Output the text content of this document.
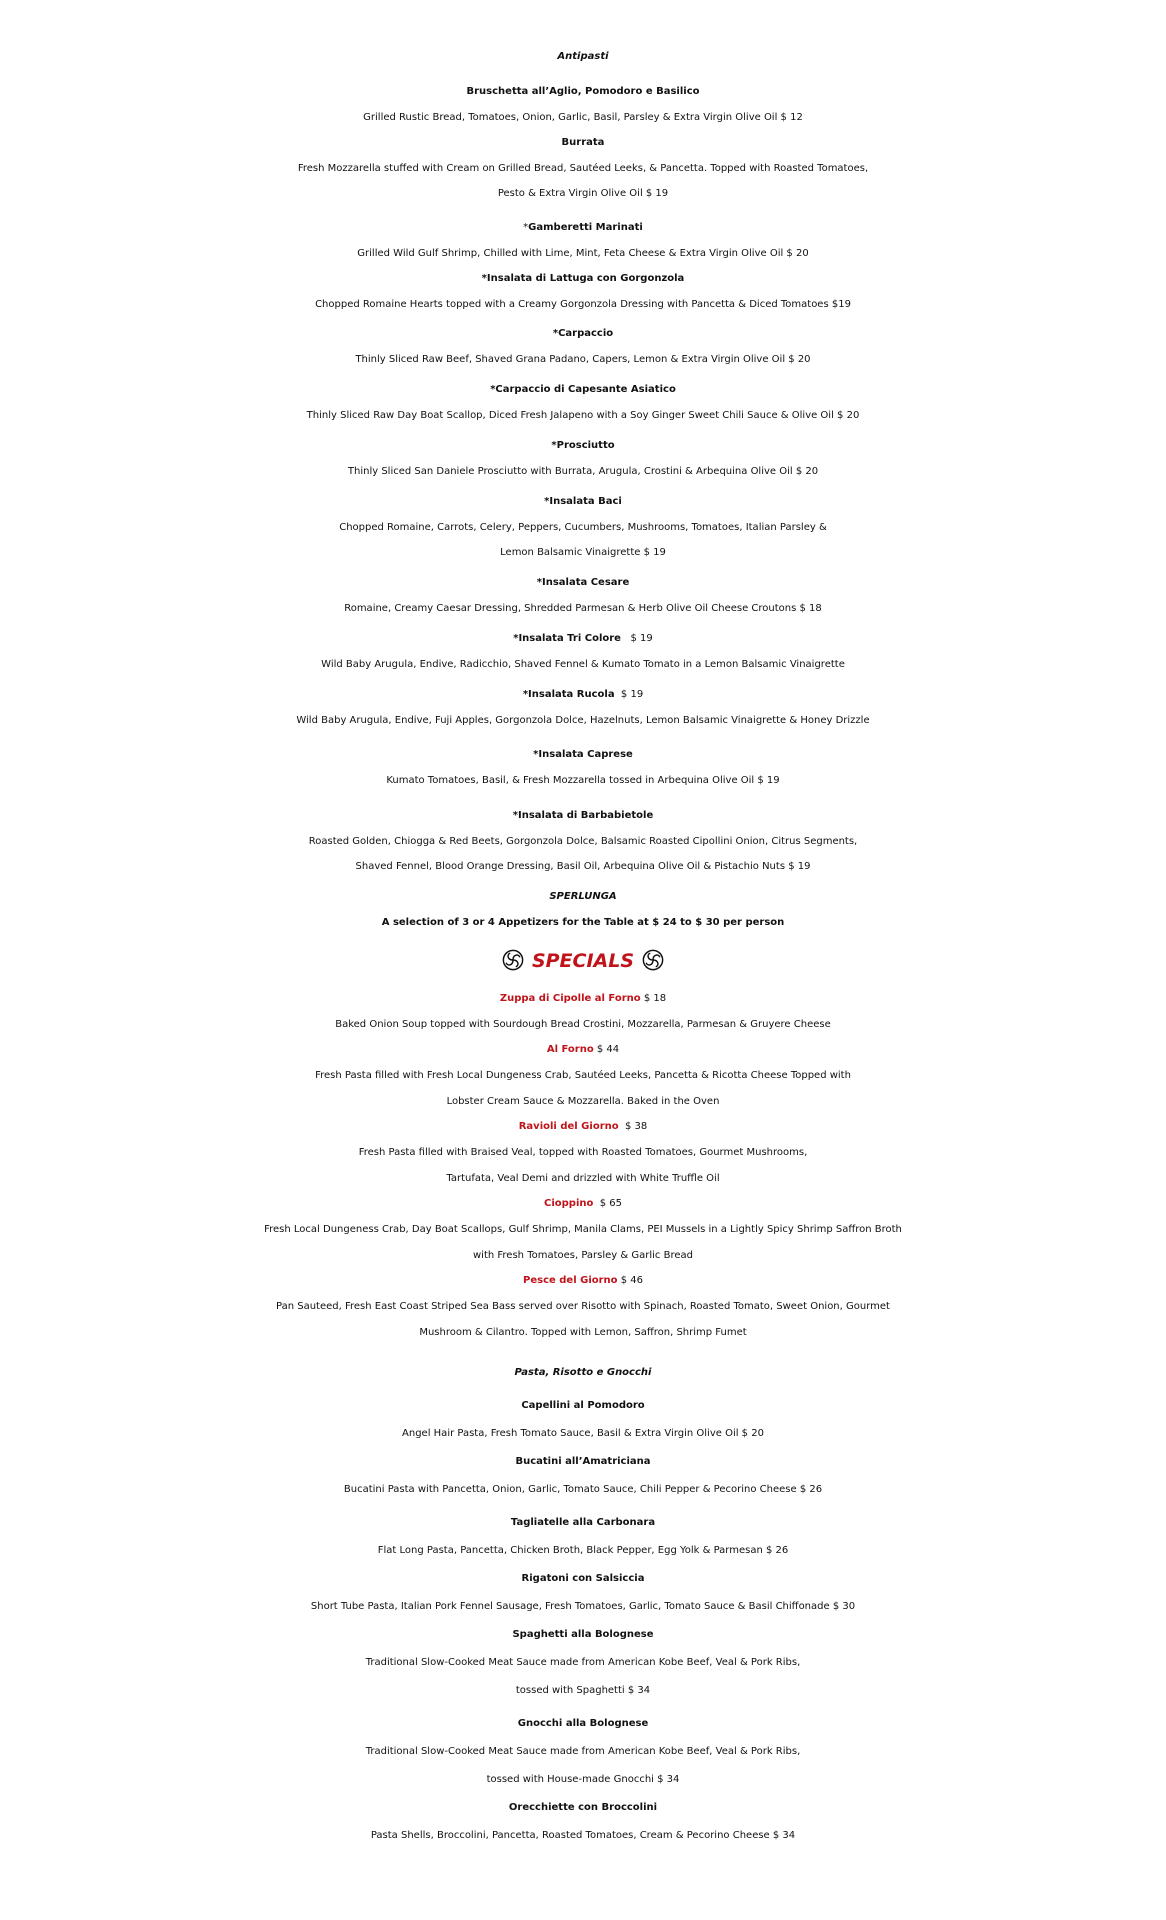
Antipasti
Bruschetta all’Aglio, Pomodoro e Basilico
Grilled Rustic Bread, Tomatoes, Onion, Garlic, Basil, Parsley & Extra Virgin Olive Oil $ 12
Burrata
Fresh Mozzarella stuffed with Cream on Grilled Bread, Sautéed Leeks, & Pancetta. Topped with Roasted Tomatoes,
Pesto & Extra Virgin Olive Oil $ 19
*Gamberetti Marinati
Grilled Wild Gulf Shrimp, Chilled with Lime, Mint, Feta Cheese & Extra Virgin Olive Oil $ 20
*Insalata di Lattuga con Gorgonzola
Chopped Romaine Hearts topped with a Creamy Gorgonzola Dressing with Pancetta & Diced Tomatoes $19
*Carpaccio
Thinly Sliced Raw Beef, Shaved Grana Padano, Capers, Lemon & Extra Virgin Olive Oil $ 20
*Carpaccio di Capesante Asiatico
Thinly Sliced Raw Day Boat Scallop, Diced Fresh Jalapeno with a Soy Ginger Sweet Chili Sauce & Olive Oil $ 20
*Prosciutto
Thinly Sliced San Daniele Prosciutto with Burrata, Arugula, Crostini & Arbequina Olive Oil $ 20
*Insalata Baci
Chopped Romaine, Carrots, Celery, Peppers, Cucumbers, Mushrooms, Tomatoes, Italian Parsley &
Lemon Balsamic Vinaigrette $ 19
*Insalata Cesare
Romaine, Creamy Caesar Dressing, Shredded Parmesan & Herb Olive Oil Cheese Croutons $ 18
*Insalata Tri Colore $ 19
Wild Baby Arugula, Endive, Radicchio, Shaved Fennel & Kumato Tomato in a Lemon Balsamic Vinaigrette
*Insalata Rucola $ 19
Wild Baby Arugula, Endive, Fuji Apples, Gorgonzola Dolce, Hazelnuts, Lemon Balsamic Vinaigrette & Honey Drizzle
*Insalata Caprese
Kumato Tomatoes, Basil, & Fresh Mozzarella tossed in Arbequina Olive Oil $ 19
*Insalata di Barbabietole
Roasted Golden, Chiogga & Red Beets, Gorgonzola Dolce, Balsamic Roasted Cipollini Onion, Citrus Segments,
Shaved Fennel, Blood Orange Dressing, Basil Oil, Arbequina Olive Oil & Pistachio Nuts $ 19
SPERLUNGA
A selection of 3 or 4 Appetizers for the Table at $ 24 to $ 30 per person
SPECIALS
Zuppa di Cipolle al Forno $ 18
Baked Onion Soup topped with Sourdough Bread Crostini, Mozzarella, Parmesan & Gruyere Cheese
Al Forno $ 44
Fresh Pasta filled with Fresh Local Dungeness Crab, Sautéed Leeks, Pancetta & Ricotta Cheese Topped with
Lobster Cream Sauce & Mozzarella. Baked in the Oven
Ravioli del Giorno $ 38
Fresh Pasta filled with Braised Veal, topped with Roasted Tomatoes, Gourmet Mushrooms,
Tartufata, Veal Demi and drizzled with White Truffle Oil
Cioppino $ 65
Fresh Local Dungeness Crab, Day Boat Scallops, Gulf Shrimp, Manila Clams, PEI Mussels in a Lightly Spicy Shrimp Saffron Broth
with Fresh Tomatoes, Parsley & Garlic Bread
Pesce del Giorno $ 46
Pan Sauteed, Fresh East Coast Striped Sea Bass served over Risotto with Spinach, Roasted Tomato, Sweet Onion, Gourmet
Mushroom & Cilantro. Topped with Lemon, Saffron, Shrimp Fumet
Pasta, Risotto e Gnocchi
Capellini al Pomodoro
Angel Hair Pasta, Fresh Tomato Sauce, Basil & Extra Virgin Olive Oil $ 20
Bucatini all’Amatriciana
Bucatini Pasta with Pancetta, Onion, Garlic, Tomato Sauce, Chili Pepper & Pecorino Cheese $ 26
Tagliatelle alla Carbonara
Flat Long Pasta, Pancetta, Chicken Broth, Black Pepper, Egg Yolk & Parmesan $ 26
Rigatoni con Salsiccia
Short Tube Pasta, Italian Pork Fennel Sausage, Fresh Tomatoes, Garlic, Tomato Sauce & Basil Chiffonade $ 30
Spaghetti alla Bolognese
Traditional Slow-Cooked Meat Sauce made from American Kobe Beef, Veal & Pork Ribs,
tossed with Spaghetti $ 34
Gnocchi alla Bolognese
Traditional Slow-Cooked Meat Sauce made from American Kobe Beef, Veal & Pork Ribs,
tossed with House-made Gnocchi $ 34
Orecchiette con Broccolini
Pasta Shells, Broccolini, Pancetta, Roasted Tomatoes, Cream & Pecorino Cheese $ 34
